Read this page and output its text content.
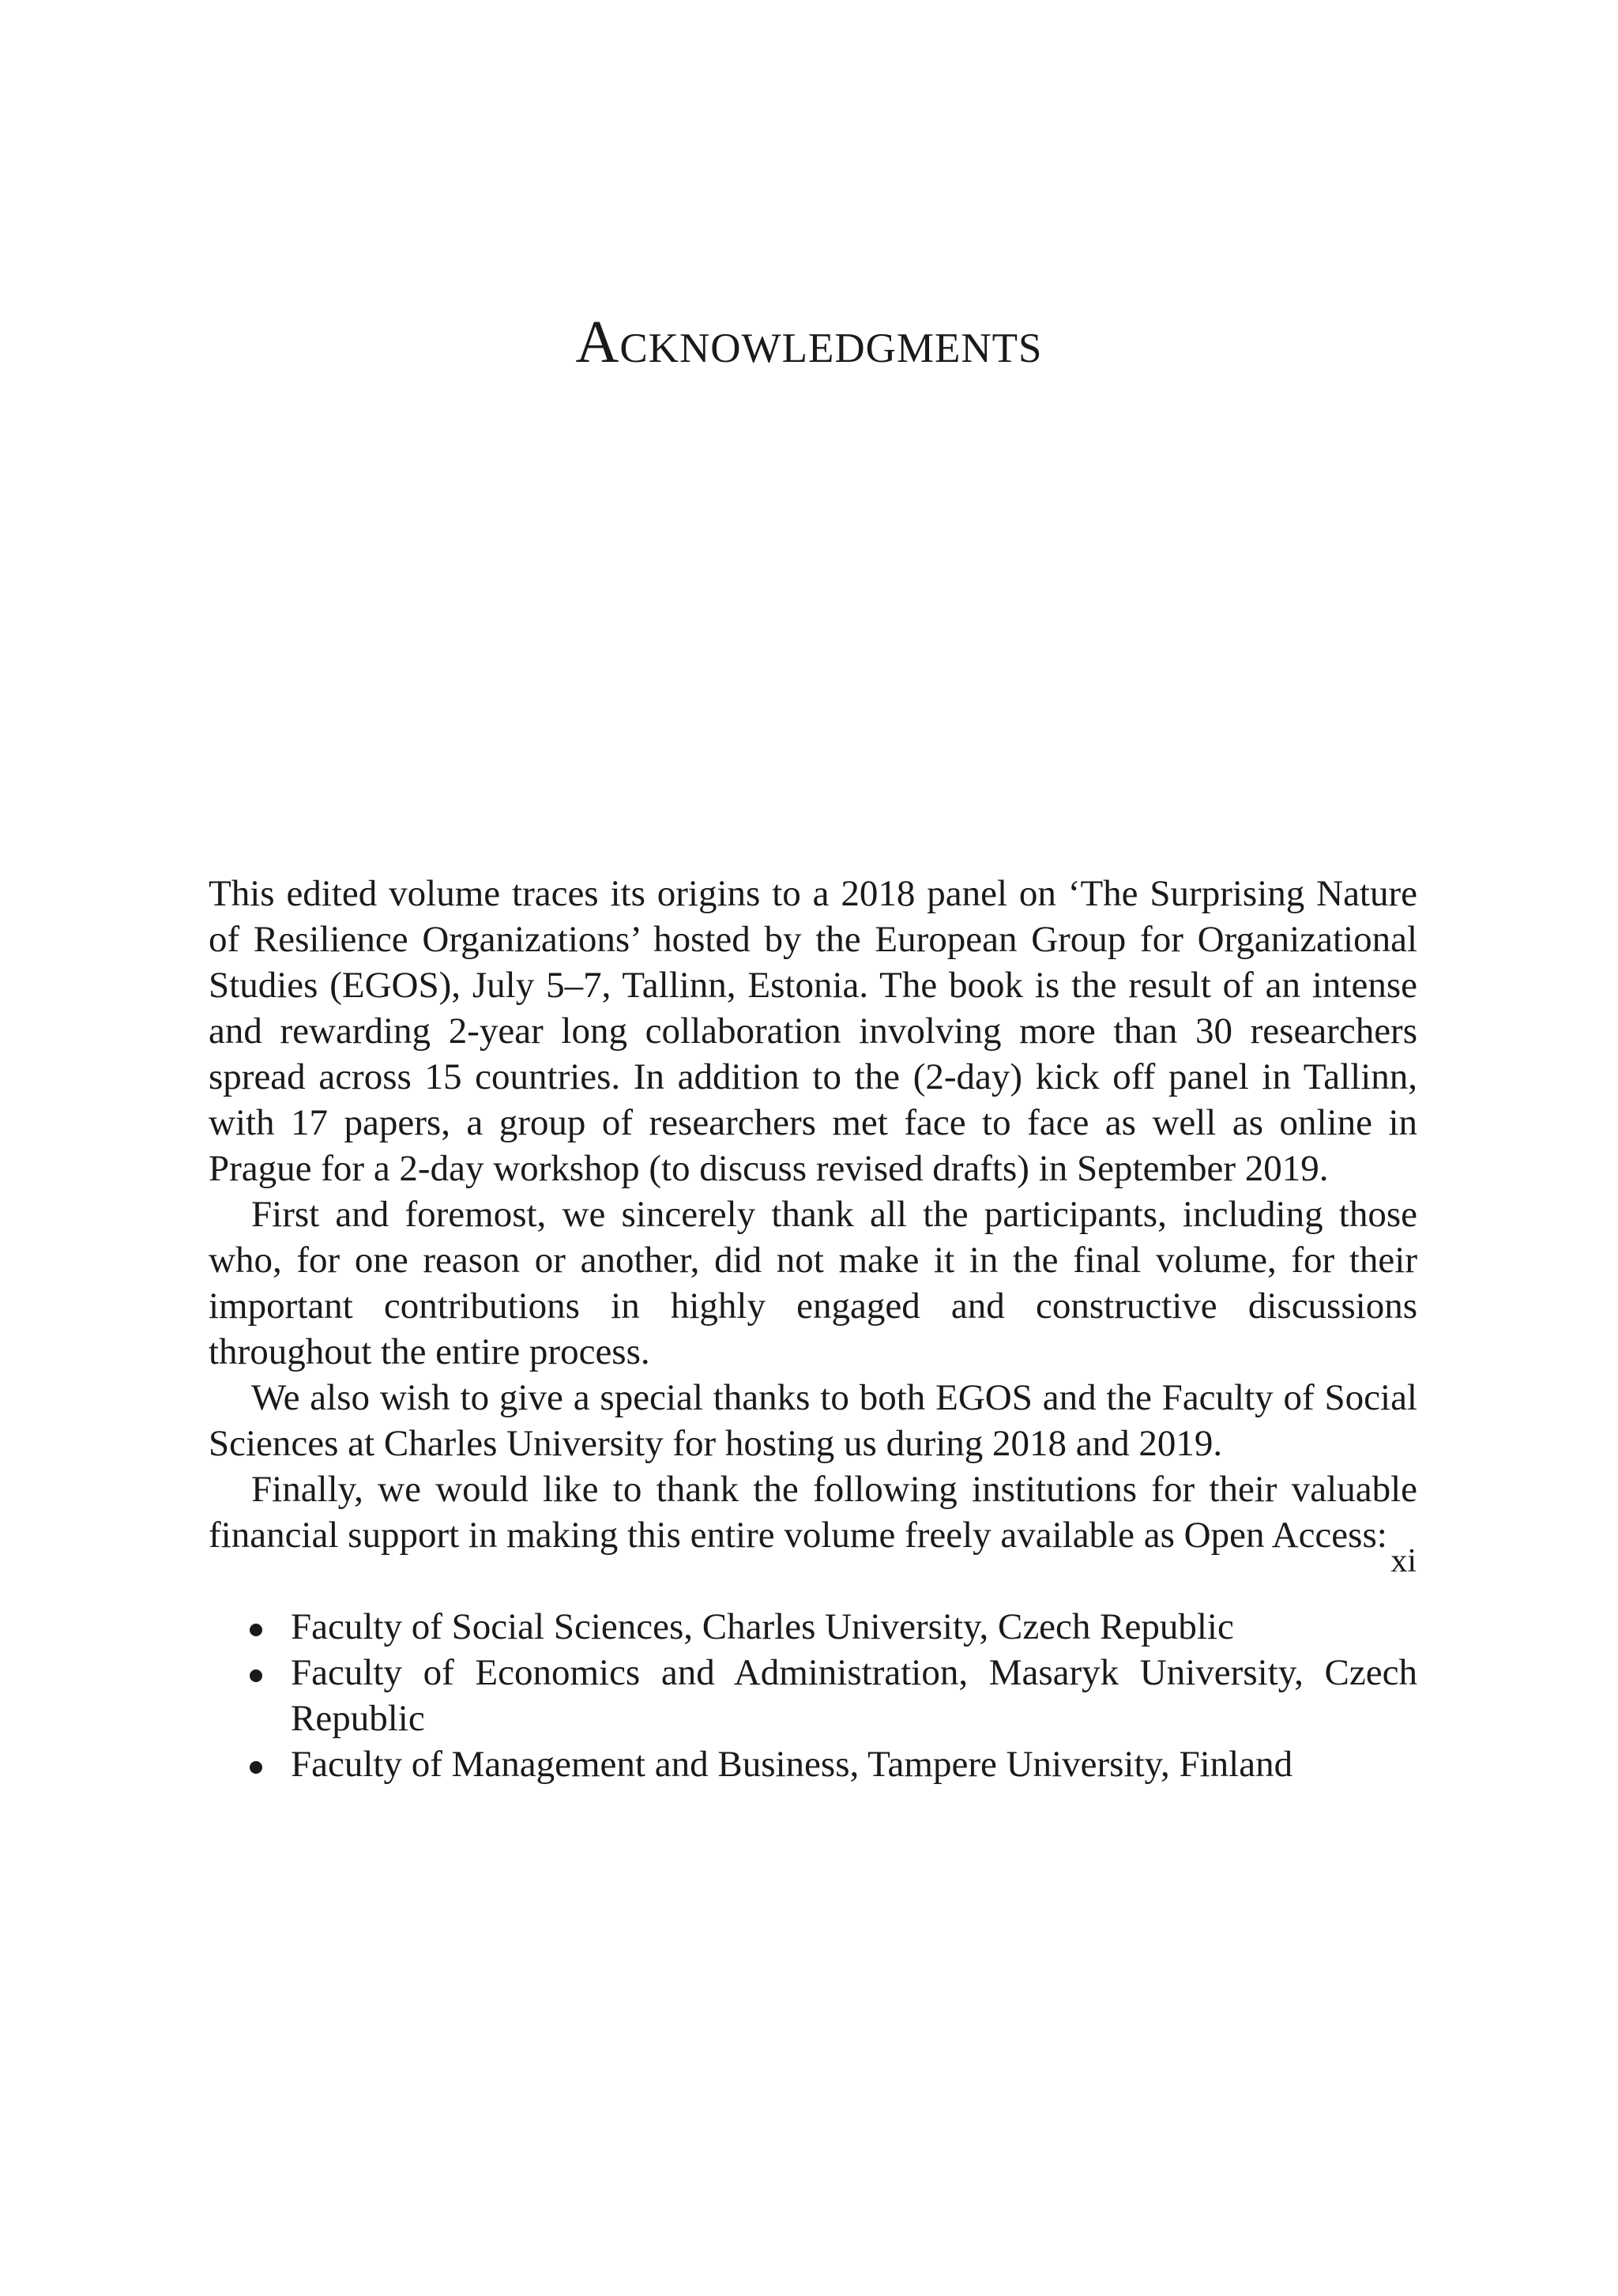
Acknowledgments

This edited volume traces its origins to a 2018 panel on ‘The Surprising Nature of Resilience Organizations’ hosted by the European Group for Organizational Studies (EGOS), July 5–7, Tallinn, Estonia. The book is the result of an intense and rewarding 2-year long collaboration involving more than 30 researchers spread across 15 countries. In addition to the (2-day) kick off panel in Tallinn, with 17 papers, a group of researchers met face to face as well as online in Prague for a 2-day workshop (to discuss revised drafts) in September 2019.

First and foremost, we sincerely thank all the participants, including those who, for one reason or another, did not make it in the final volume, for their important contributions in highly engaged and constructive discussions throughout the entire process.

We also wish to give a special thanks to both EGOS and the Faculty of Social Sciences at Charles University for hosting us during 2018 and 2019.

Finally, we would like to thank the following institutions for their valuable financial support in making this entire volume freely available as Open Access:

Faculty of Social Sciences, Charles University, Czech Republic
Faculty of Economics and Administration, Masaryk University, Czech Republic
Faculty of Management and Business, Tampere University, Finland
xi
